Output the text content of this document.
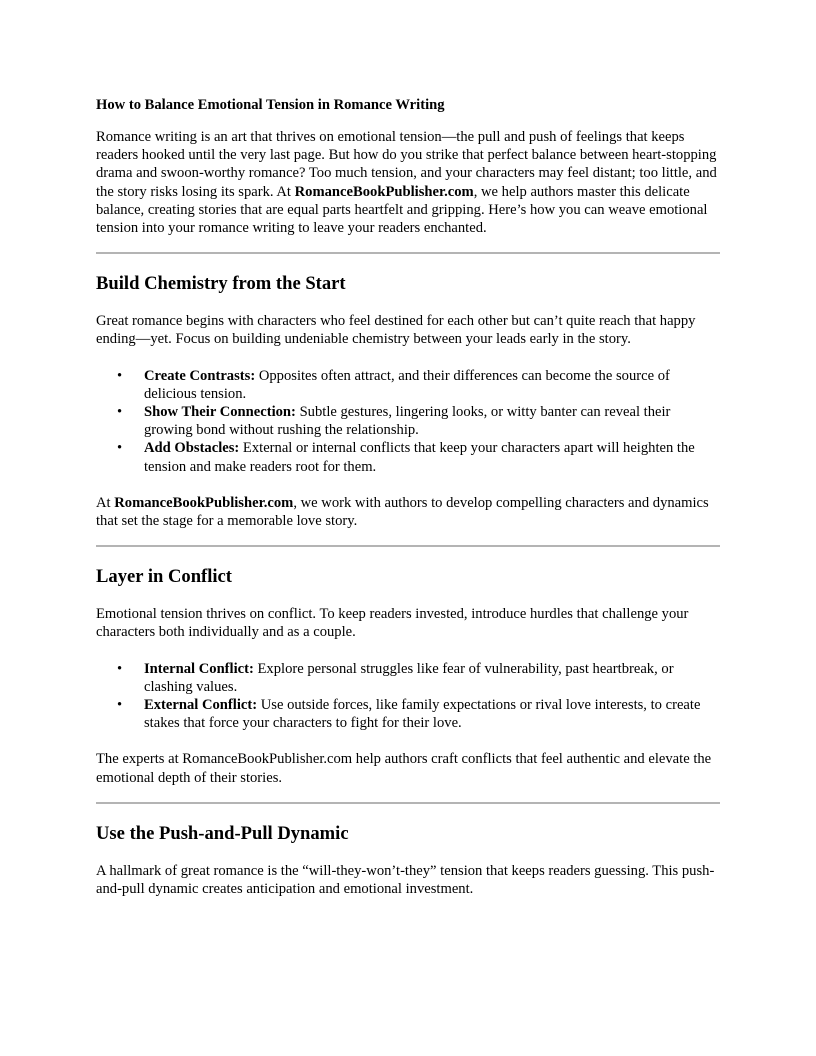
How to Balance Emotional Tension in Romance Writing

Romance writing is an art that thrives on emotional tension—the pull and push of feelings that keeps readers hooked until the very last page. But how do you strike that perfect balance between heart-stopping drama and swoon-worthy romance? Too much tension, and your characters may feel distant; too little, and the story risks losing its spark. At RomanceBookPublisher.com, we help authors master this delicate balance, creating stories that are equal parts heartfelt and gripping. Here’s how you can weave emotional tension into your romance writing to leave your readers enchanted.

Build Chemistry from the Start

Great romance begins with characters who feel destined for each other but can’t quite reach that happy ending—yet. Focus on building undeniable chemistry between your leads early in the story.

• Create Contrasts: Opposites often attract, and their differences can become the source of delicious tension.
• Show Their Connection: Subtle gestures, lingering looks, or witty banter can reveal their growing bond without rushing the relationship.
• Add Obstacles: External or internal conflicts that keep your characters apart will heighten the tension and make readers root for them.

At RomanceBookPublisher.com, we work with authors to develop compelling characters and dynamics that set the stage for a memorable love story.

Layer in Conflict

Emotional tension thrives on conflict. To keep readers invested, introduce hurdles that challenge your characters both individually and as a couple.

• Internal Conflict: Explore personal struggles like fear of vulnerability, past heartbreak, or clashing values.
• External Conflict: Use outside forces, like family expectations or rival love interests, to create stakes that force your characters to fight for their love.

The experts at RomanceBookPublisher.com help authors craft conflicts that feel authentic and elevate the emotional depth of their stories.

Use the Push-and-Pull Dynamic

A hallmark of great romance is the “will-they-won’t-they” tension that keeps readers guessing. This push-and-pull dynamic creates anticipation and emotional investment.
